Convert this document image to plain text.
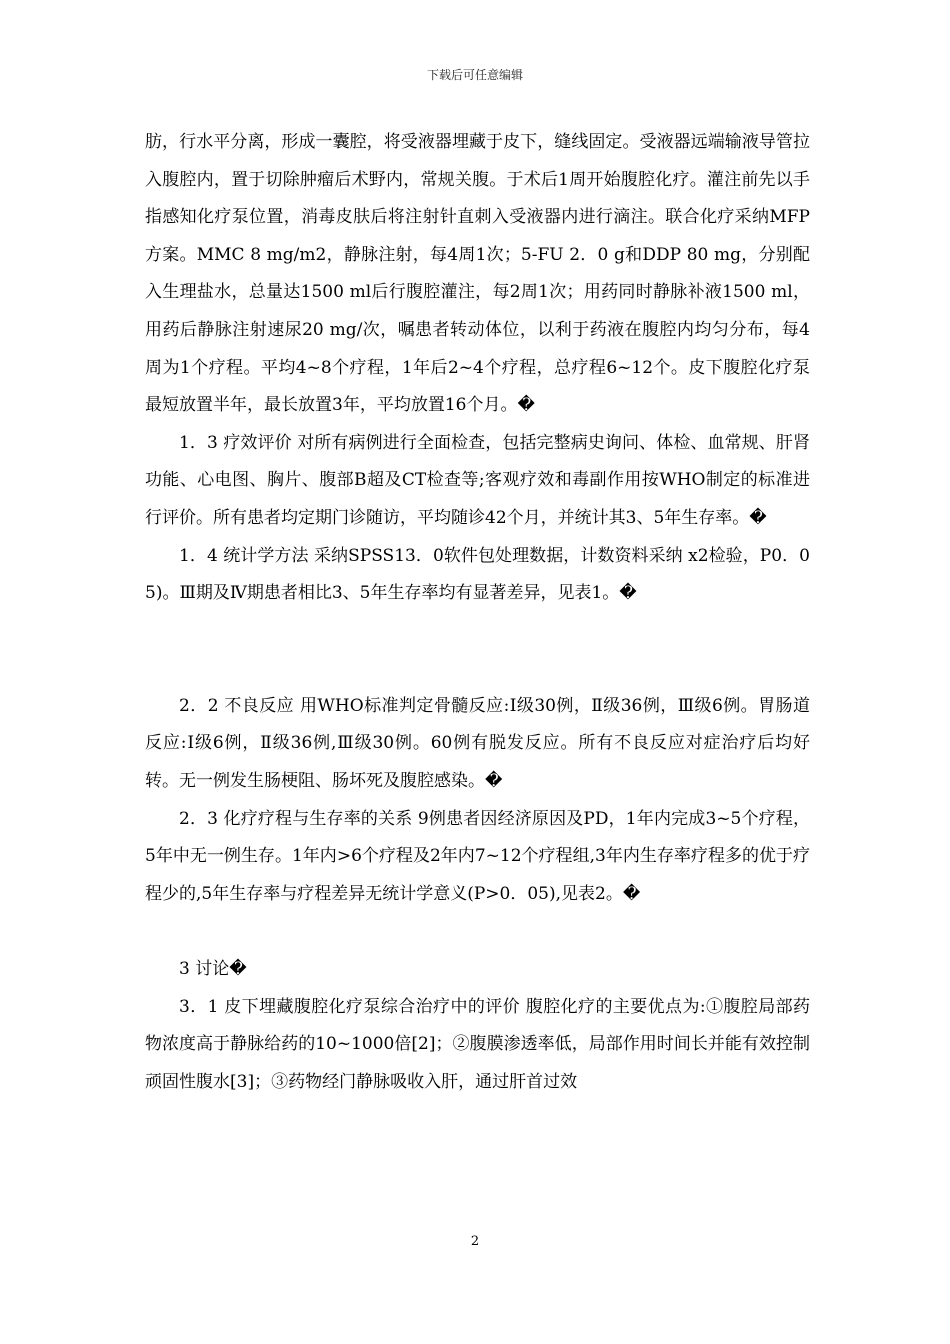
下载后可任意编辑

肪，行水平分离，形成一囊腔，将受液器埋藏于皮下，缝线固定。受液器远端输液导管拉入腹腔内，置于切除肿瘤后术野内，常规关腹。于术后1周开始腹腔化疗。灌注前先以手指感知化疗泵位置，消毒皮肤后将注射针直刺入受液器内进行滴注。联合化疗采纳MFP方案。MMC 8 mg/m2，静脉注射，每4周1次；5-FU 2．0 g和DDP 80 mg，分别配入生理盐水，总量达1500 ml后行腹腔灌注，每2周1次；用药同时静脉补液1500 ml，用药后静脉注射速尿20 mg/次，嘱患者转动体位，以利于药液在腹腔内均匀分布，每4周为1个疗程。平均4~8个疗程，1年后2~4个疗程，总疗程6~12个。皮下腹腔化疗泵最短放置半年，最长放置3年，平均放置16个月。�

1．3 疗效评价 对所有病例进行全面检查，包括完整病史询问、体检、血常规、肝肾功能、心电图、胸片、腹部B超及CT检查等;客观疗效和毒副作用按WHO制定的标准进行评价。所有患者均定期门诊随访，平均随诊42个月，并统计其3、5年生存率。�

1．4 统计学方法 采纳SPSS13．0软件包处理数据，计数资料采纳 x2检验，P0．05)。Ⅲ期及Ⅳ期患者相比3、5年生存率均有显著差异，见表1。�

2．2 不良反应 用WHO标准判定骨髓反应:Ⅰ级30例，Ⅱ级36例，Ⅲ级6例。胃肠道反应:Ⅰ级6例，Ⅱ级36例,Ⅲ级30例。60例有脱发反应。所有不良反应对症治疗后均好转。无一例发生肠梗阻、肠坏死及腹腔感染。�

2．3 化疗疗程与生存率的关系 9例患者因经济原因及PD，1年内完成3~5个疗程，5年中无一例生存。1年内>6个疗程及2年内7~12个疗程组,3年内生存率疗程多的优于疗程少的,5年生存率与疗程差异无统计学意义(P>0．05),见表2。�

3 讨论�

3．1 皮下埋藏腹腔化疗泵综合治疗中的评价 腹腔化疗的主要优点为:①腹腔局部药物浓度高于静脉给药的10~1000倍[2]；②腹膜渗透率低，局部作用时间长并能有效控制顽固性腹水[3]；③药物经门静脉吸收入肝，通过肝首过效

2
